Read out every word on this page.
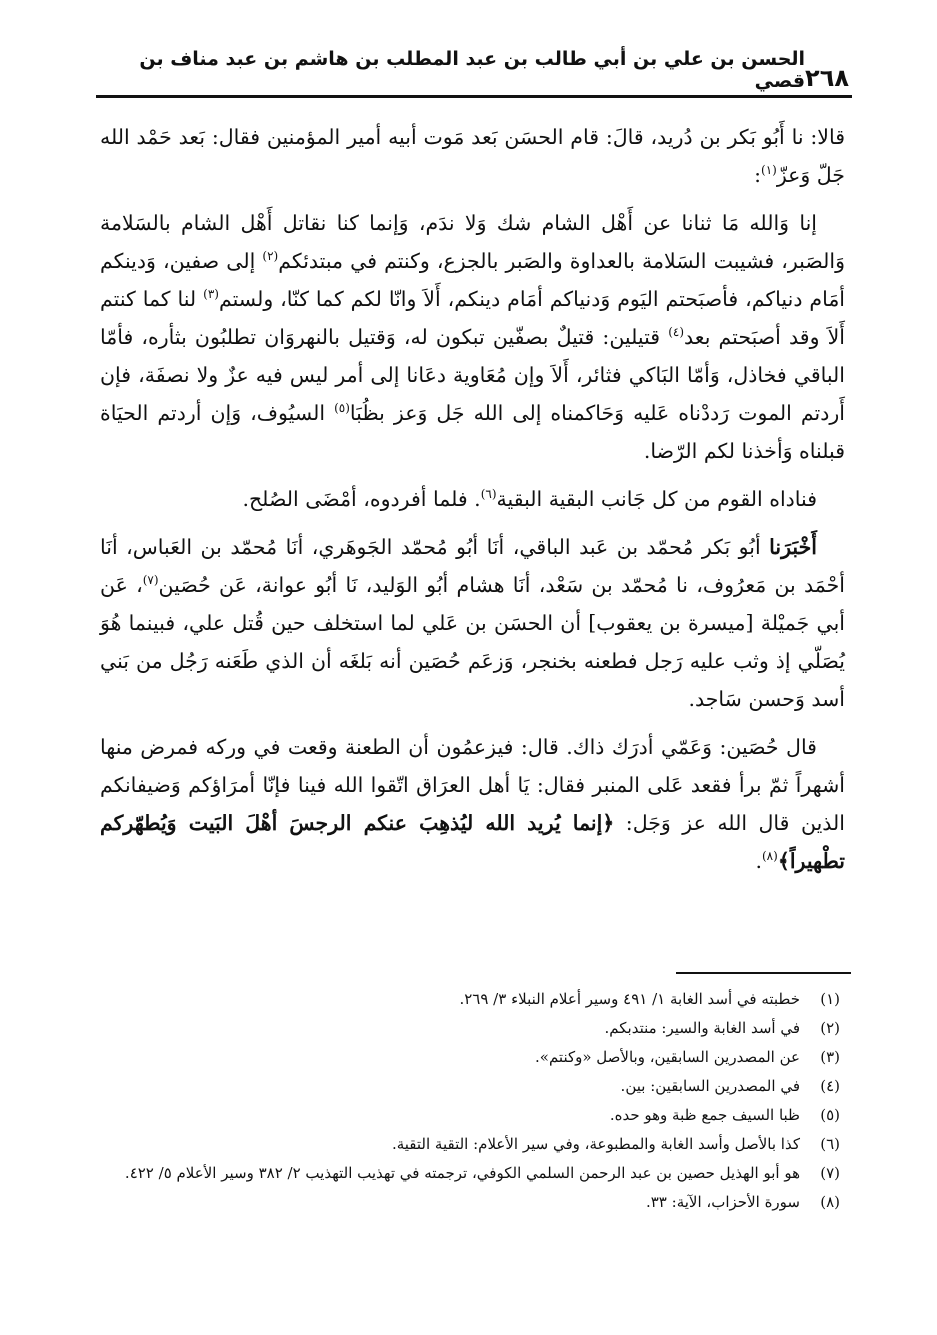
٢٦٨
الحسن بن علي بن أبي طالب بن عبد المطلب بن هاشم بن عبد مناف بن قصي

قالا: نا أَبُو بَكر بن دُريد، قالَ: قام الحسَن بَعد مَوت أبيه أمير المؤمنين فقال: بَعد حَمْد الله جَلّ وَعزّ$^{(١)}$:

إنا وَالله مَا ثنانا عن أَهْل الشام شك وَلا ندَم، وَإنما كنا نقاتل أَهْل الشام بالسَلامة وَالصَبر، فشيبت السَلامة بالعداوة والصَبر بالجزع، وكنتم في مبتدئكم$^{(٢)}$ إلى صفين، وَدينكم أمَام دنياكم، فأصبَحتم اليَوم وَدنياكم أمَام دينكم، أَلاَ وانّا لكم كما كنّا، ولستم$^{(٣)}$ لنا كما كنتم أَلاَ وقد أصبَحتم بعد$^{(٤)}$ قتيلين: قتيلٌ بصفّين تبكون له، وَقتيل بالنهروَان تطلبُون بثأره، فأمّا الباقي فخاذل، وَأمّا البَاكي فثائر، أَلاَ وإن مُعَاوية دعَانا إلى أمر ليس فيه عزٌ ولا نصفَة، فإن أَردتم الموت رَددْناه عَليه وَحَاكمناه إلى الله جَل وَعز بظُبَا$^{(٥)}$ السيُوف، وَإن أردتم الحيَاة قبلناه وَأخذنا لكم الرّضا.

فناداه القوم من كل جَانب البقية البقية$^{(٦)}$. فلما أفردوه، أمْضَى الصُلح.

أَخْبَرَنا أبُو بَكر مُحمّد بن عَبد الباقي، أنَا أبُو مُحمّد الجَوهَري، أنَا مُحمّد بن العَباس، أنَا أحْمَد بن مَعرُوف، نا مُحمّد بن سَعْد، أنَا هشام أبُو الوَليد، نَا أبُو عوانة، عَن حُصَين$^{(٧)}$، عَن أبي جَميْلة [ميسرة بن يعقوب] أن الحسَن بن عَلي لما استخلف حين قُتل علي، فبينما هُوَ يُصَلّي إذ وثب عليه رَجل فطعنه بخنجر، وَزعَم حُصَين أنه بَلغَه أن الذي طَعَنه رَجُل من بَني أسد وَحسن سَاجد.

قال حُصَين: وَعَمّي أدرَك ذاك. قال: فيزعمُون أن الطعنة وقعت في وركه فمرض منها أشهراً ثمّ برأ فقعد عَلى المنبر فقال: يَا أهل العرَاق اتّقوا الله فينا فإنّا أمرَاؤكم وَضيفانكم الذين قال الله عز وَجَل: ﴿إنما يُريد الله ليُذهِبَ عنكم الرجسَ أهْلَ البَيت وَيُطهّركم تطْهيراً﴾$^{(٨)}$.

(١)
خطبته في أسد الغابة ١/ ٤٩١ وسير أعلام النبلاء ٣/ ٢٦٩.
(٢)
في أسد الغابة والسير: منتدبكم.
(٣)
عن المصدرين السابقين، وبالأصل «وكنتم».
(٤)
في المصدرين السابقين: بين.
(٥)
ظبا السيف جمع ظبة وهو حده.
(٦)
كذا بالأصل وأسد الغابة والمطبوعة، وفي سير الأعلام: التقية التقية.
(٧)
هو أبو الهذيل حصين بن عبد الرحمن السلمي الكوفي، ترجمته في تهذيب التهذيب ٢/ ٣٨٢ وسير الأعلام ٥/ ٤٢٢.
(٨)
سورة الأحزاب، الآية: ٣٣.
